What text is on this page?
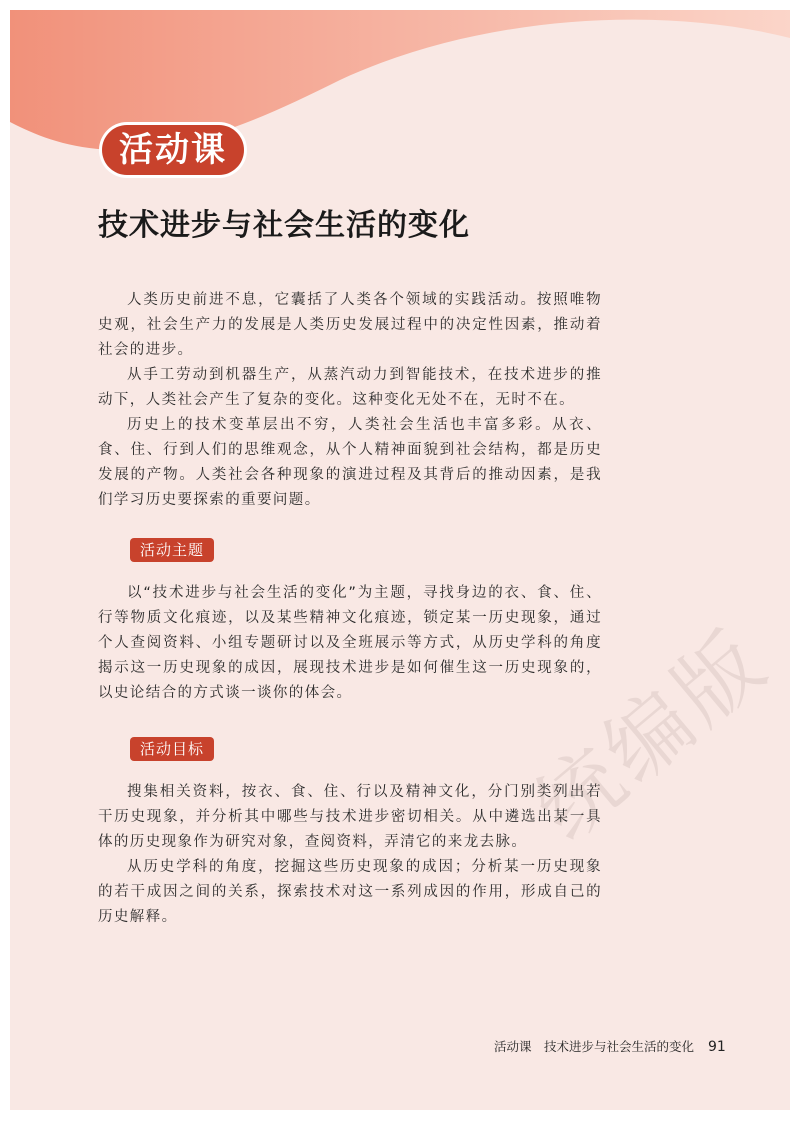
活动课
技术进步与社会生活的变化

人类历史前进不息，它囊括了人类各个领域的实践活动。按照唯物史观，社会生产力的发展是人类历史发展过程中的决定性因素，推动着社会的进步。

从手工劳动到机器生产，从蒸汽动力到智能技术，在技术进步的推动下，人类社会产生了复杂的变化。这种变化无处不在，无时不在。

历史上的技术变革层出不穷，人类社会生活也丰富多彩。从衣、食、住、行到人们的思维观念，从个人精神面貌到社会结构，都是历史发展的产物。人类社会各种现象的演进过程及其背后的推动因素，是我们学习历史要探索的重要问题。

活动主题

以“技术进步与社会生活的变化”为主题，寻找身边的衣、食、住、行等物质文化痕迹，以及某些精神文化痕迹，锁定某一历史现象，通过个人查阅资料、小组专题研讨以及全班展示等方式，从历史学科的角度揭示这一历史现象的成因，展现技术进步是如何催生这一历史现象的，以史论结合的方式谈一谈你的体会。

活动目标

搜集相关资料，按衣、食、住、行以及精神文化，分门别类列出若干历史现象，并分析其中哪些与技术进步密切相关。从中遴选出某一具体的历史现象作为研究对象，查阅资料，弄清它的来龙去脉。

从历史学科的角度，挖掘这些历史现象的成因；分析某一历史现象的若干成因之间的关系，探索技术对这一系列成因的作用，形成自己的历史解释。

统编版
活动课　技术进步与社会生活的变化 91
